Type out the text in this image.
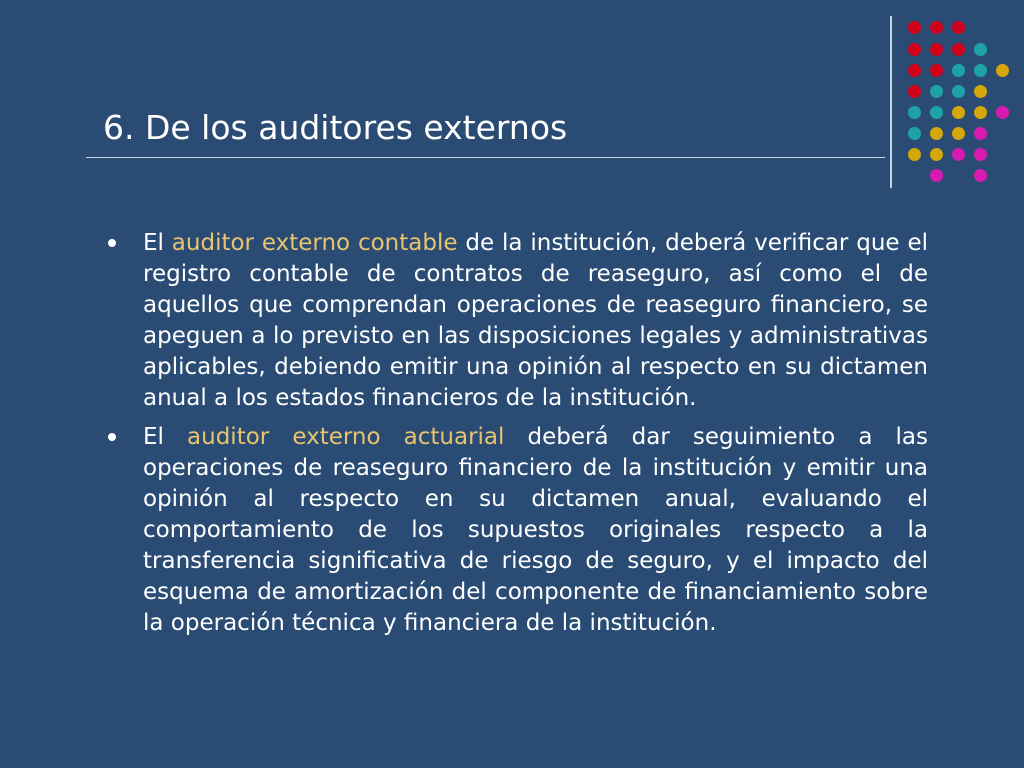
6. De los auditores externos
El auditor externo contable de la institución, deberá verificar que el registro contable de contratos de reaseguro, así como el de aquellos que comprendan operaciones de reaseguro financiero, se apeguen a lo previsto en las disposiciones legales y administrativas aplicables, debiendo emitir una opinión al respecto en su dictamen anual a los estados financieros de la institución.
El auditor externo actuarial deberá dar seguimiento a las operaciones de reaseguro financiero de la institución y emitir una opinión al respecto en su dictamen anual, evaluando el comportamiento de los supuestos originales respecto a la transferencia significativa de riesgo de seguro, y el impacto del esquema de amortización del componente de financiamiento sobre la operación técnica y financiera de la institución.
